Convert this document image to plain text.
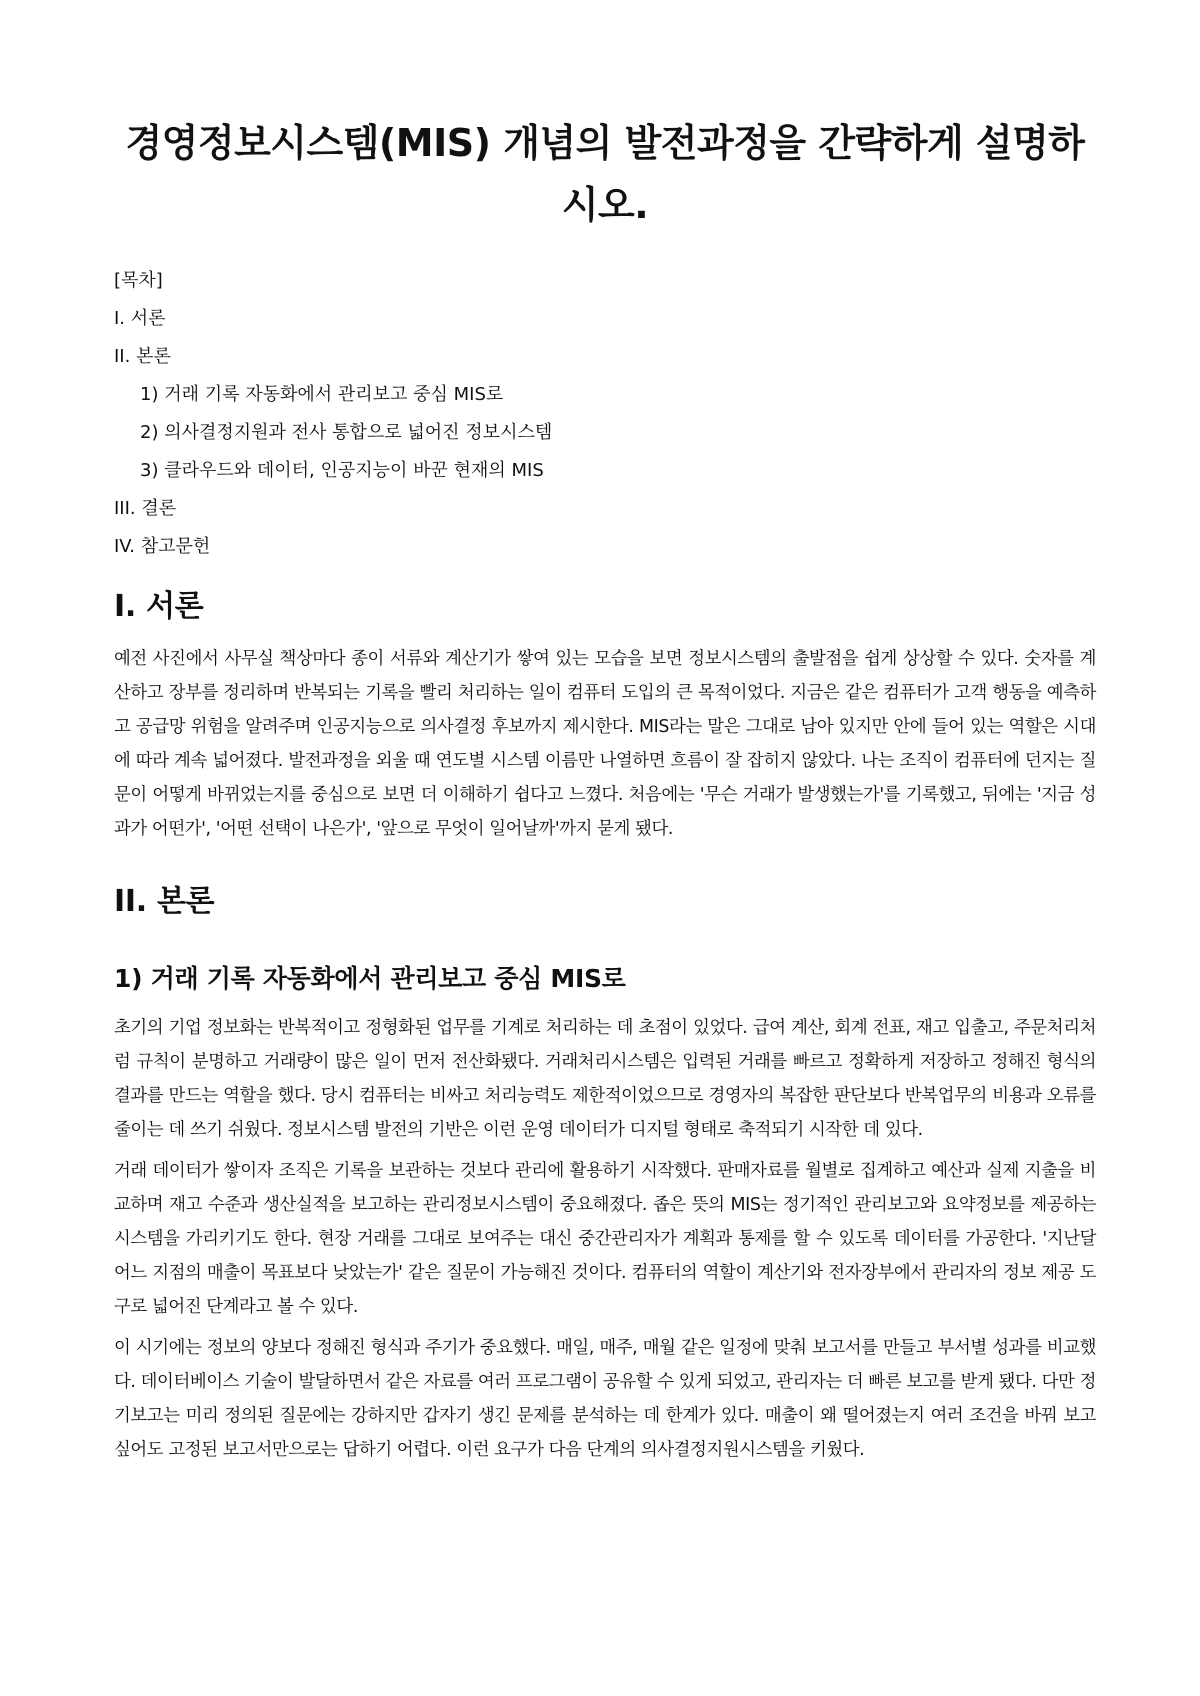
경영정보시스템(MIS) 개념의 발전과정을 간략하게 설명하시오.

[목차]

I. 서론

II. 본론

1) 거래 기록 자동화에서 관리보고 중심 MIS로

2) 의사결정지원과 전사 통합으로 넓어진 정보시스템

3) 클라우드와 데이터, 인공지능이 바꾼 현재의 MIS

III. 결론

IV. 참고문헌

I. 서론

예전 사진에서 사무실 책상마다 종이 서류와 계산기가 쌓여 있는 모습을 보면 정보시스템의 출발점을 쉽게 상상할 수 있다. 숫자를 계산하고 장부를 정리하며 반복되는 기록을 빨리 처리하는 일이 컴퓨터 도입의 큰 목적이었다. 지금은 같은 컴퓨터가 고객 행동을 예측하고 공급망 위험을 알려주며 인공지능으로 의사결정 후보까지 제시한다. MIS라는 말은 그대로 남아 있지만 안에 들어 있는 역할은 시대에 따라 계속 넓어졌다. 발전과정을 외울 때 연도별 시스템 이름만 나열하면 흐름이 잘 잡히지 않았다. 나는 조직이 컴퓨터에 던지는 질문이 어떻게 바뀌었는지를 중심으로 보면 더 이해하기 쉽다고 느꼈다. 처음에는 '무슨 거래가 발생했는가'를 기록했고, 뒤에는 '지금 성과가 어떤가', '어떤 선택이 나은가', '앞으로 무엇이 일어날까'까지 묻게 됐다.

II. 본론
1) 거래 기록 자동화에서 관리보고 중심 MIS로

초기의 기업 정보화는 반복적이고 정형화된 업무를 기계로 처리하는 데 초점이 있었다. 급여 계산, 회계 전표, 재고 입출고, 주문처리처럼 규칙이 분명하고 거래량이 많은 일이 먼저 전산화됐다. 거래처리시스템은 입력된 거래를 빠르고 정확하게 저장하고 정해진 형식의 결과를 만드는 역할을 했다. 당시 컴퓨터는 비싸고 처리능력도 제한적이었으므로 경영자의 복잡한 판단보다 반복업무의 비용과 오류를 줄이는 데 쓰기 쉬웠다. 정보시스템 발전의 기반은 이런 운영 데이터가 디지털 형태로 축적되기 시작한 데 있다.

거래 데이터가 쌓이자 조직은 기록을 보관하는 것보다 관리에 활용하기 시작했다. 판매자료를 월별로 집계하고 예산과 실제 지출을 비교하며 재고 수준과 생산실적을 보고하는 관리정보시스템이 중요해졌다. 좁은 뜻의 MIS는 정기적인 관리보고와 요약정보를 제공하는 시스템을 가리키기도 한다. 현장 거래를 그대로 보여주는 대신 중간관리자가 계획과 통제를 할 수 있도록 데이터를 가공한다. '지난달 어느 지점의 매출이 목표보다 낮았는가' 같은 질문이 가능해진 것이다. 컴퓨터의 역할이 계산기와 전자장부에서 관리자의 정보 제공 도구로 넓어진 단계라고 볼 수 있다.

이 시기에는 정보의 양보다 정해진 형식과 주기가 중요했다. 매일, 매주, 매월 같은 일정에 맞춰 보고서를 만들고 부서별 성과를 비교했다. 데이터베이스 기술이 발달하면서 같은 자료를 여러 프로그램이 공유할 수 있게 되었고, 관리자는 더 빠른 보고를 받게 됐다. 다만 정기보고는 미리 정의된 질문에는 강하지만 갑자기 생긴 문제를 분석하는 데 한계가 있다. 매출이 왜 떨어졌는지 여러 조건을 바꿔 보고 싶어도 고정된 보고서만으로는 답하기 어렵다. 이런 요구가 다음 단계의 의사결정지원시스템을 키웠다.
